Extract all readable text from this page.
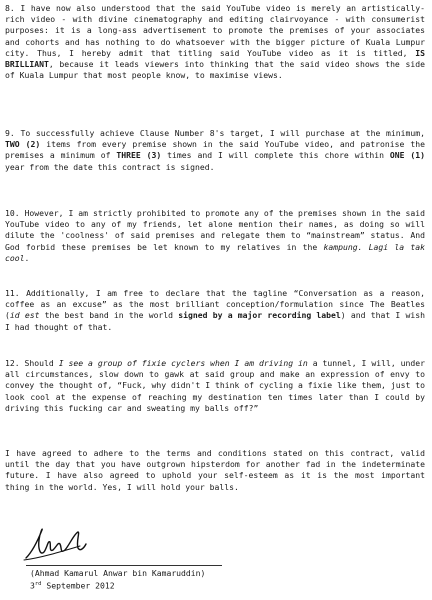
8. I have now also understood that the said YouTube video is merely an artistically-rich video - with divine cinematography and editing clairvoyance - with consumerist purposes: it is a long-ass advertisement to promote the premises of your associates and cohorts and has nothing to do whatsoever with the bigger picture of Kuala Lumpur city. Thus, I hereby admit that titling said YouTube video as it is titled, IS BRILLIANT, because it leads viewers into thinking that the said video shows the side of Kuala Lumpur that most people know, to maximise views.
9. To successfully achieve Clause Number 8's target, I will purchase at the minimum, TWO (2) items from every premise shown in the said YouTube video, and patronise the premises a minimum of THREE (3) times and I will complete this chore within ONE (1) year from the date this contract is signed.
10. However, I am strictly prohibited to promote any of the premises shown in the said YouTube video to any of my friends, let alone mention their names, as doing so will dilute the 'coolness' of said premises and relegate them to “mainstream” status. And God forbid these premises be let known to my relatives in the kampung. Lagi la tak cool.
11. Additionally, I am free to declare that the tagline “Conversation as a reason, coffee as an excuse” as the most brilliant conception/formulation since The Beatles (id est the best band in the world signed by a major recording label) and that I wish I had thought of that.
12. Should I see a group of fixie cyclers when I am driving in a tunnel, I will, under all circumstances, slow down to gawk at said group and make an expression of envy to convey the thought of, “Fuck, why didn't I think of cycling a fixie like them, just to look cool at the expense of reaching my destination ten times later than I could by driving this fucking car and sweating my balls off?”
I have agreed to adhere to the terms and conditions stated on this contract, valid until the day that you have outgrown hipsterdom for another fad in the indeterminate future. I have also agreed to uphold your self-esteem as it is the most important thing in the world. Yes, I will hold your balls.
(Ahmad Kamarul Anwar bin Kamaruddin)
3rd September 2012
